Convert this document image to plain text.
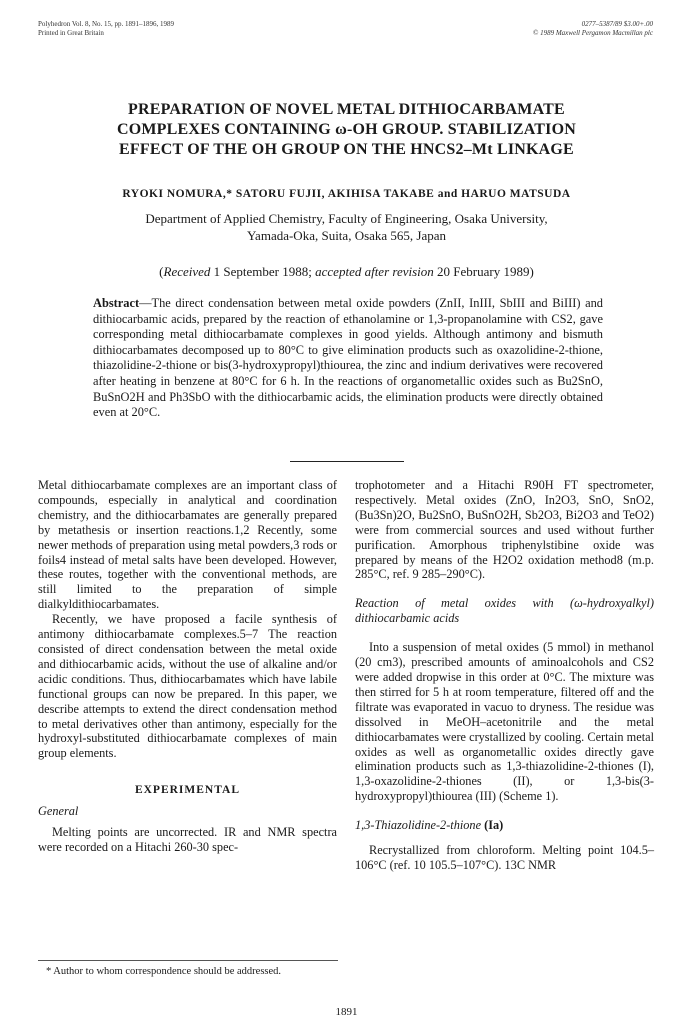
Polyhedron Vol. 8, No. 15, pp. 1891–1896, 1989
Printed in Great Britain
0277–5387/89 $3.00+.00
© 1989 Maxwell Pergamon Macmillan plc
PREPARATION OF NOVEL METAL DITHIOCARBAMATE
COMPLEXES CONTAINING ω-OH GROUP. STABILIZATION
EFFECT OF THE OH GROUP ON THE HNCS2–Mt LINKAGE
RYOKI NOMURA,* SATORU FUJII, AKIHISA TAKABE and HARUO MATSUDA
Department of Applied Chemistry, Faculty of Engineering, Osaka University,
Yamada-Oka, Suita, Osaka 565, Japan
(Received 1 September 1988; accepted after revision 20 February 1989)
Abstract—The direct condensation between metal oxide powders (ZnII, InIII, SbIII and BiIII) and dithiocarbamic acids, prepared by the reaction of ethanolamine or 1,3-propanolamine with CS2, gave corresponding metal dithiocarbamate complexes in good yields. Although antimony and bismuth dithiocarbamates decomposed up to 80°C to give elimination products such as oxazolidine-2-thione, thiazolidine-2-thione or bis(3-hydroxypropyl)thiourea, the zinc and indium derivatives were recovered after heating in benzene at 80°C for 6 h. In the reactions of organometallic oxides such as Bu2SnO, BuSnO2H and Ph3SbO with the dithiocarbamic acids, the elimination products were directly obtained even at 20°C.

Metal dithiocarbamate complexes are an important class of compounds, especially in analytical and coordination chemistry, and the dithiocarbamates are generally prepared by metathesis or insertion reactions.1,2 Recently, some newer methods of preparation using metal powders,3 rods or foils4 instead of metal salts have been developed. However, these routes, together with the conventional methods, are still limited to the preparation of simple dialkyldithiocarbamates.

Recently, we have proposed a facile synthesis of antimony dithiocarbamate complexes.5–7 The reaction consisted of direct condensation between the metal oxide and dithiocarbamic acids, without the use of alkaline and/or acidic conditions. Thus, dithiocarbamates which have labile functional groups can now be prepared. In this paper, we describe attempts to extend the direct condensation method to metal derivatives other than antimony, especially for the hydroxyl-substituted dithiocarbamate complexes of main group elements.

EXPERIMENTAL

General

Melting points are uncorrected. IR and NMR spectra were recorded on a Hitachi 260-30 spec-

trophotometer and a Hitachi R90H FT spectrometer, respectively. Metal oxides (ZnO, In2O3, SnO, SnO2, (Bu3Sn)2O, Bu2SnO, BuSnO2H, Sb2O3, Bi2O3 and TeO2) were from commercial sources and used without further purification. Amorphous triphenylstibine oxide was prepared by means of the H2O2 oxidation method8 (m.p. 285°C, ref. 9 285–290°C).

Reaction of metal oxides with (ω-hydroxyalkyl) dithiocarbamic acids

Into a suspension of metal oxides (5 mmol) in methanol (20 cm3), prescribed amounts of aminoalcohols and CS2 were added dropwise in this order at 0°C. The mixture was then stirred for 5 h at room temperature, filtered off and the filtrate was evaporated in vacuo to dryness. The residue was dissolved in MeOH–acetonitrile and the metal dithiocarbamates were crystallized by cooling. Certain metal oxides as well as organometallic oxides directly gave elimination products such as 1,3-thiazolidine-2-thiones (I), 1,3-oxazolidine-2-thiones (II), or 1,3-bis(3-hydroxypropyl)thiourea (III) (Scheme 1).

1,3-Thiazolidine-2-thione (Ia)

Recrystallized from chloroform. Melting point 104.5–106°C (ref. 10 105.5–107°C). 13C NMR

* Author to whom correspondence should be addressed.
1891
